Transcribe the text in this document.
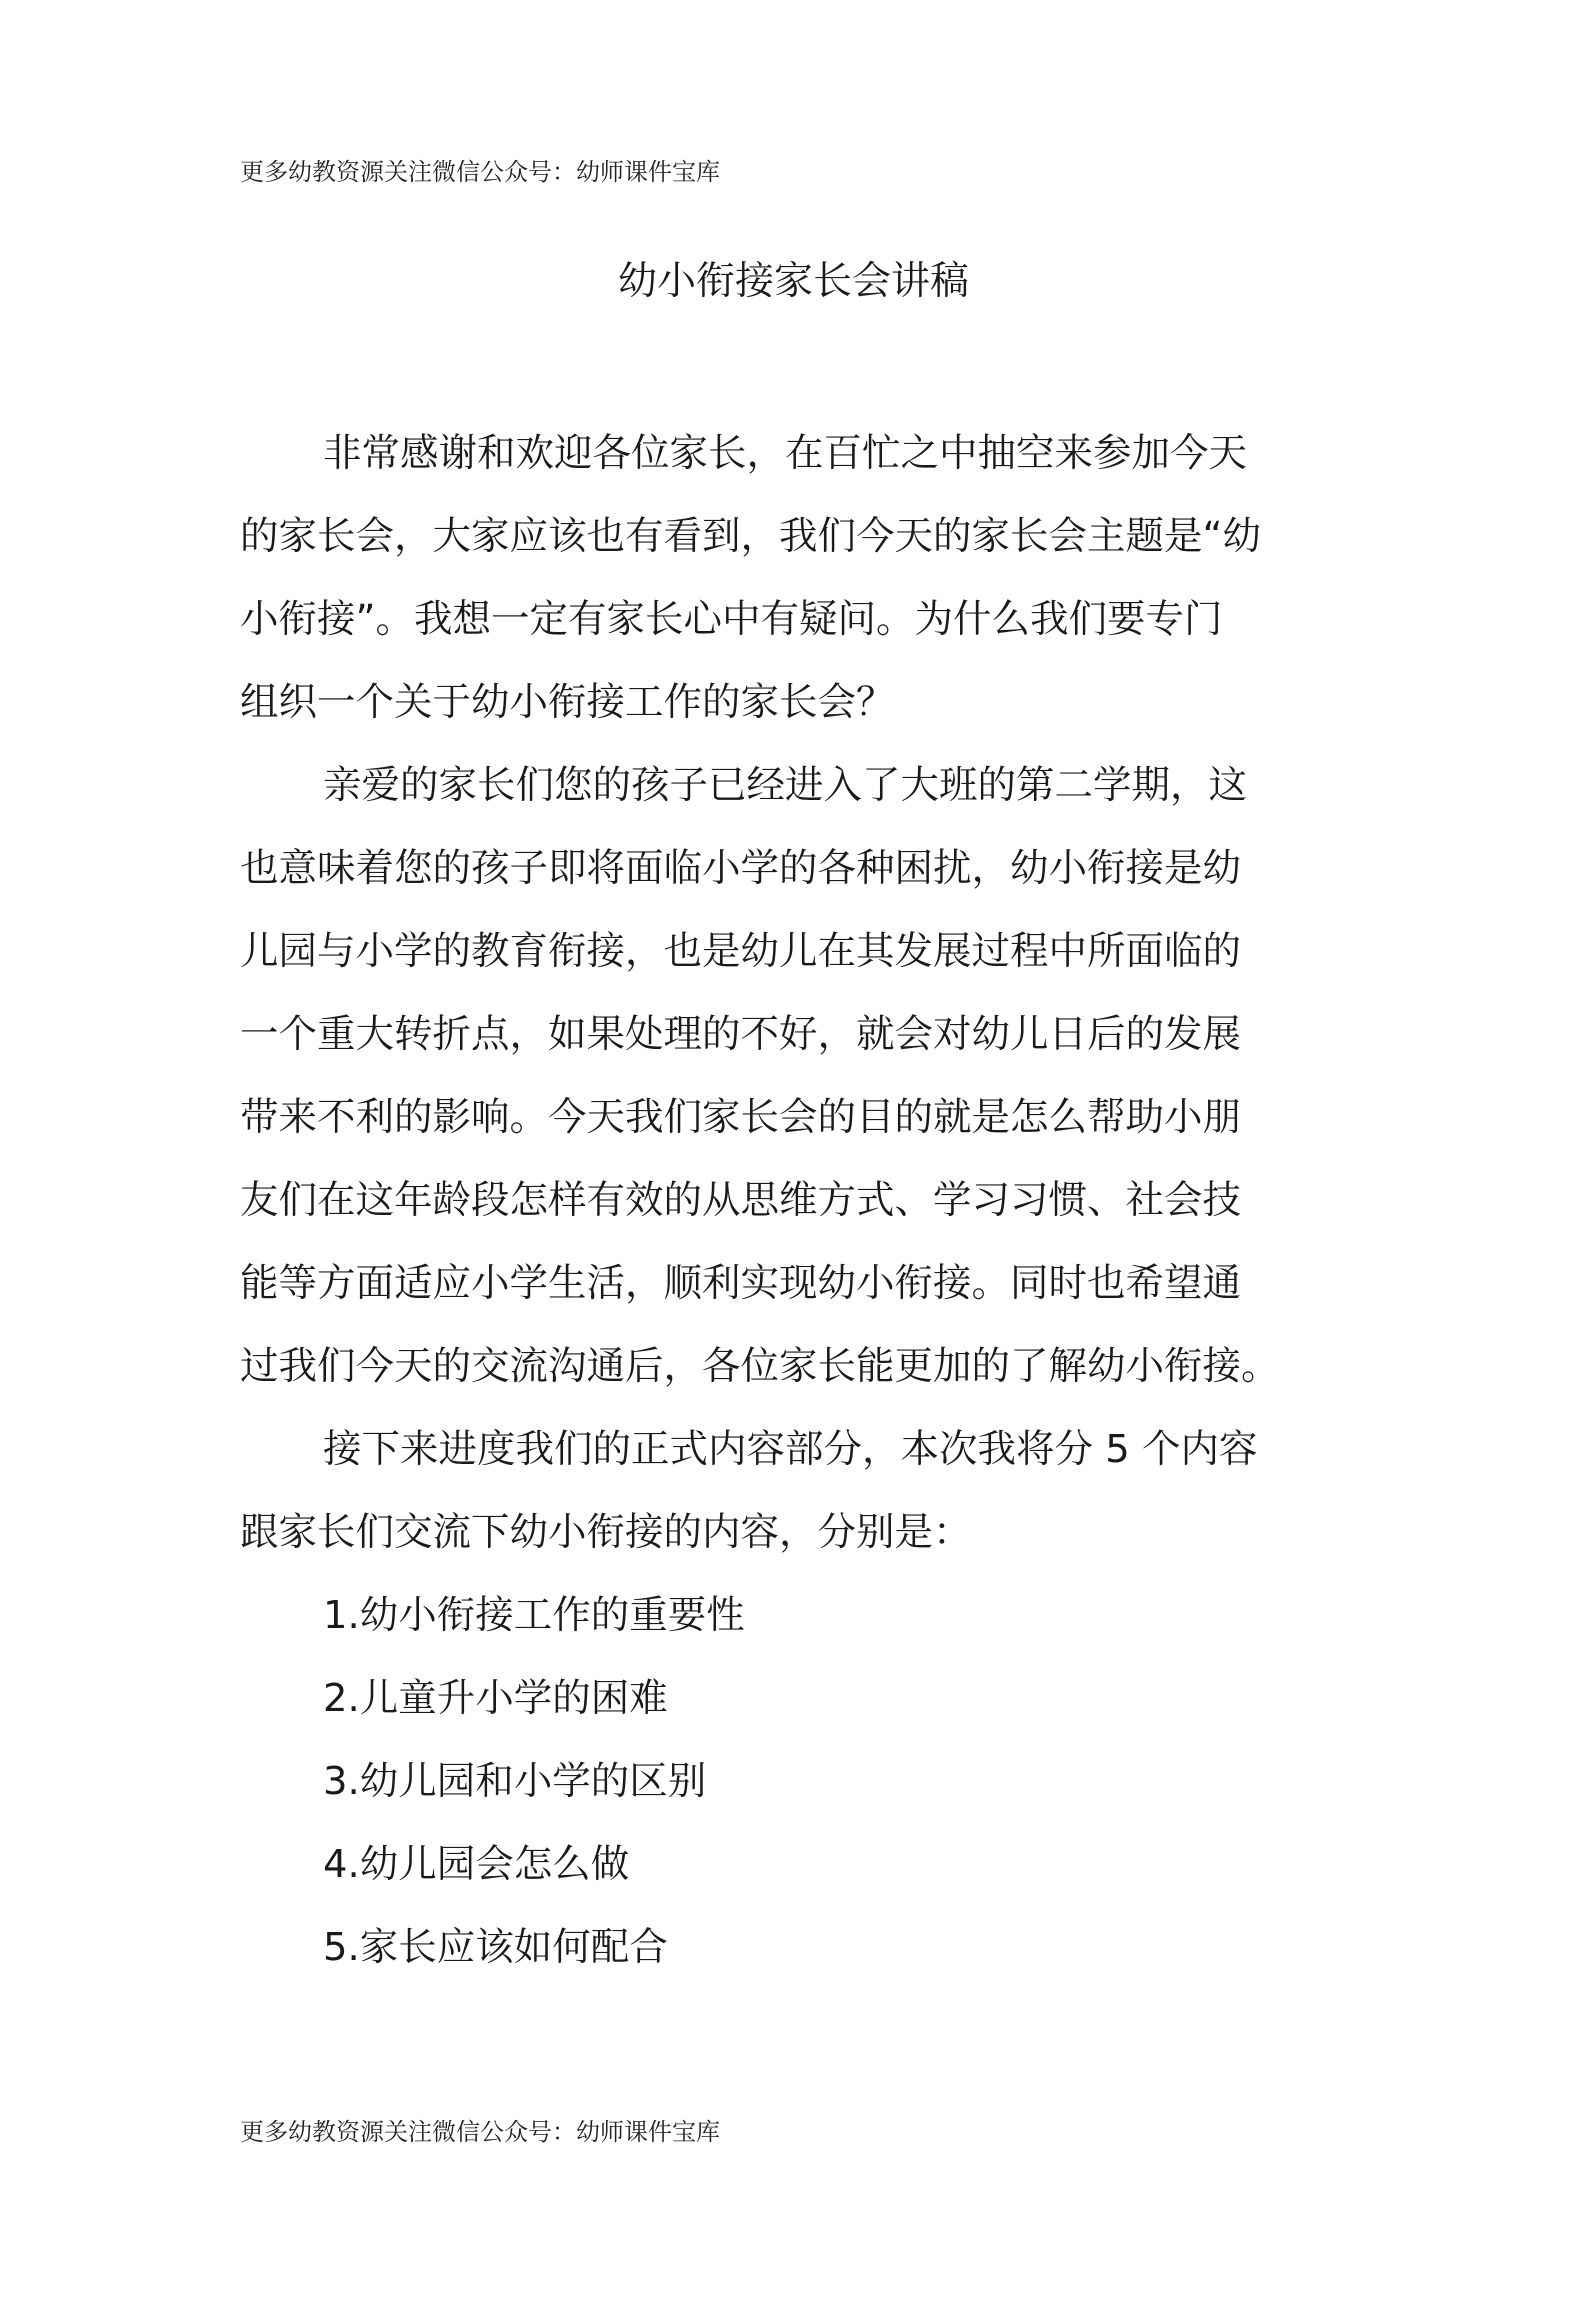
更多幼教资源关注微信公众号：幼师课件宝库
幼小衔接家长会讲稿
非常感谢和欢迎各位家长，在百忙之中抽空来参加今天
的家长会，大家应该也有看到，我们今天的家长会主题是“幼
小衔接”。我想一定有家长心中有疑问。为什么我们要专门
组织一个关于幼小衔接工作的家长会？
亲爱的家长们您的孩子已经进入了大班的第二学期，这
也意味着您的孩子即将面临小学的各种困扰，幼小衔接是幼
儿园与小学的教育衔接，也是幼儿在其发展过程中所面临的
一个重大转折点，如果处理的不好，就会对幼儿日后的发展
带来不利的影响。今天我们家长会的目的就是怎么帮助小朋
友们在这年龄段怎样有效的从思维方式、学习习惯、社会技
能等方面适应小学生活，顺利实现幼小衔接。同时也希望通
过我们今天的交流沟通后，各位家长能更加的了解幼小衔接。
接下来进度我们的正式内容部分，本次我将分 5 个内容
跟家长们交流下幼小衔接的内容，分别是：
1.幼小衔接工作的重要性
2.儿童升小学的困难
3.幼儿园和小学的区别
4.幼儿园会怎么做
5.家长应该如何配合
更多幼教资源关注微信公众号：幼师课件宝库
